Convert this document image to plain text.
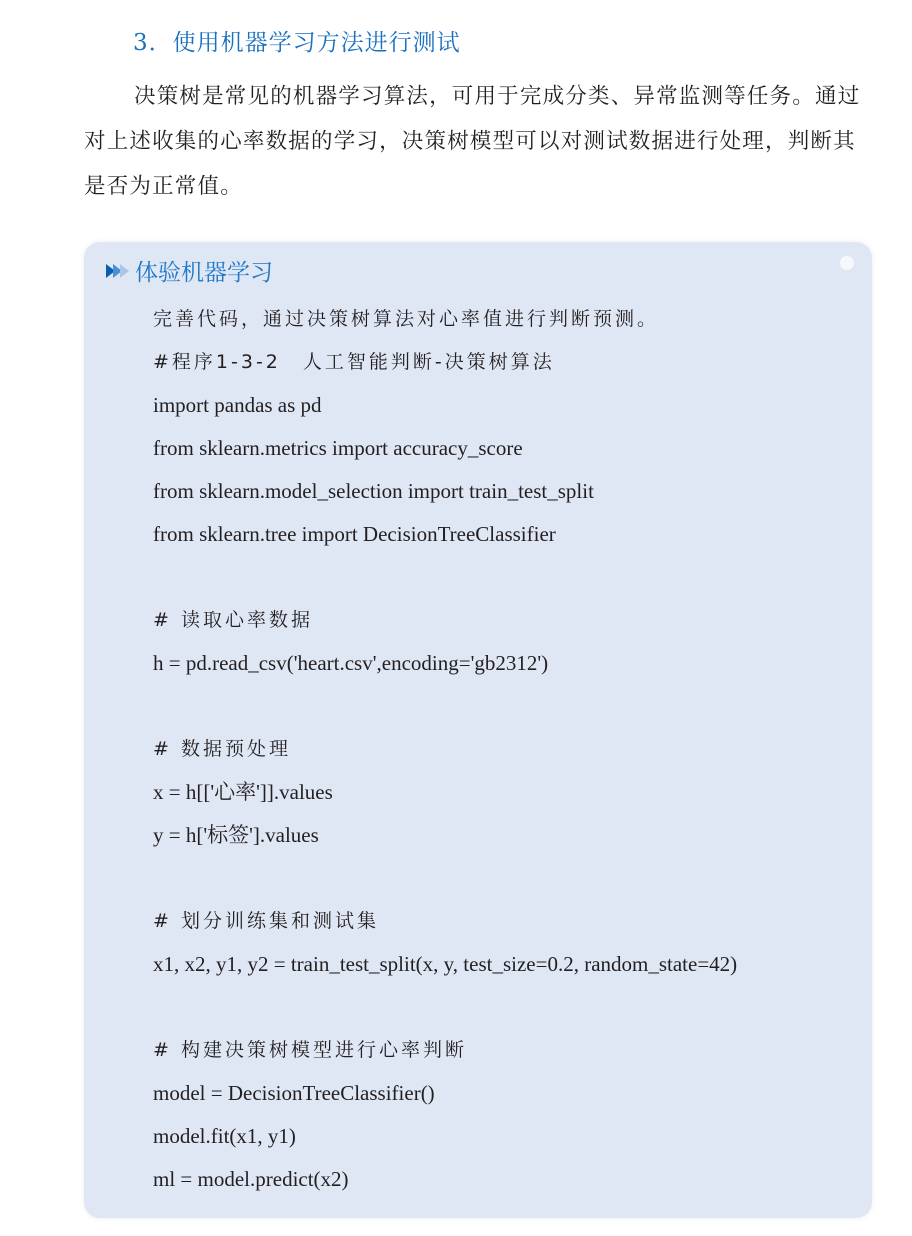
3．使用机器学习方法进行测试
决策树是常见的机器学习算法，可用于完成分类、异常监测等任务。通过对上述收集的心率数据的学习，决策树模型可以对测试数据进行处理，判断其是否为正常值。
体验机器学习
完善代码，通过决策树算法对心率值进行判断预测。
#程序1-3-2　人工智能判断-决策树算法
import pandas as pd
from sklearn.metrics import accuracy_score
from sklearn.model_selection import train_test_split
from sklearn.tree import DecisionTreeClassifier
# 读取心率数据
h = pd.read_csv('heart.csv',encoding='gb2312')
# 数据预处理
x = h[['心率']].values
y = h['标签'].values
# 划分训练集和测试集
x1, x2, y1, y2 = train_test_split(x, y, test_size=0.2, random_state=42)
# 构建决策树模型进行心率判断
model = DecisionTreeClassifier()
model.fit(x1, y1)
ml = model.predict(x2)
